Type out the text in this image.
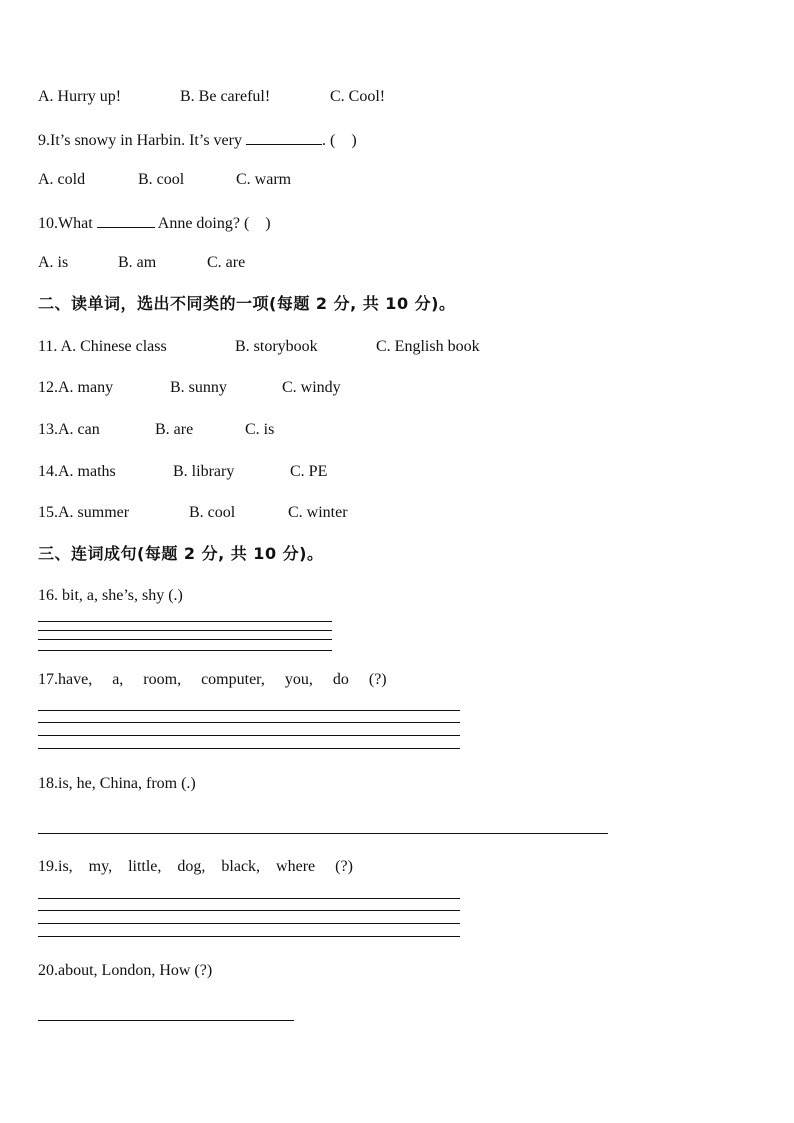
A. Hurry up!	B. Be careful!	C. Cool!
9.It’s snowy in Harbin. It’s very	. (    )
A. cold	B. cool	C. warm
10.What	Anne doing? (    )
A. is	B. am	C. are
二、读单词，选出不同类的一项(每题 2 分, 共 10 分)。
11. A. Chinese class	B. storybook	C. English book
12.A. many	B. sunny	C. windy
13.A. can	B. are	C. is
14.A. maths	B. library	C. PE
15.A. summer	B. cool	C. winter
三、连词成句(每题 2 分, 共 10 分)。
16. bit, a, she’s, shy (.)
17.have,     a,     room,     computer,     you,     do     (?)
18.is, he, China, from (.)
19.is,    my,    little,    dog,    black,    where     (?)
20.about, London, How (?)
